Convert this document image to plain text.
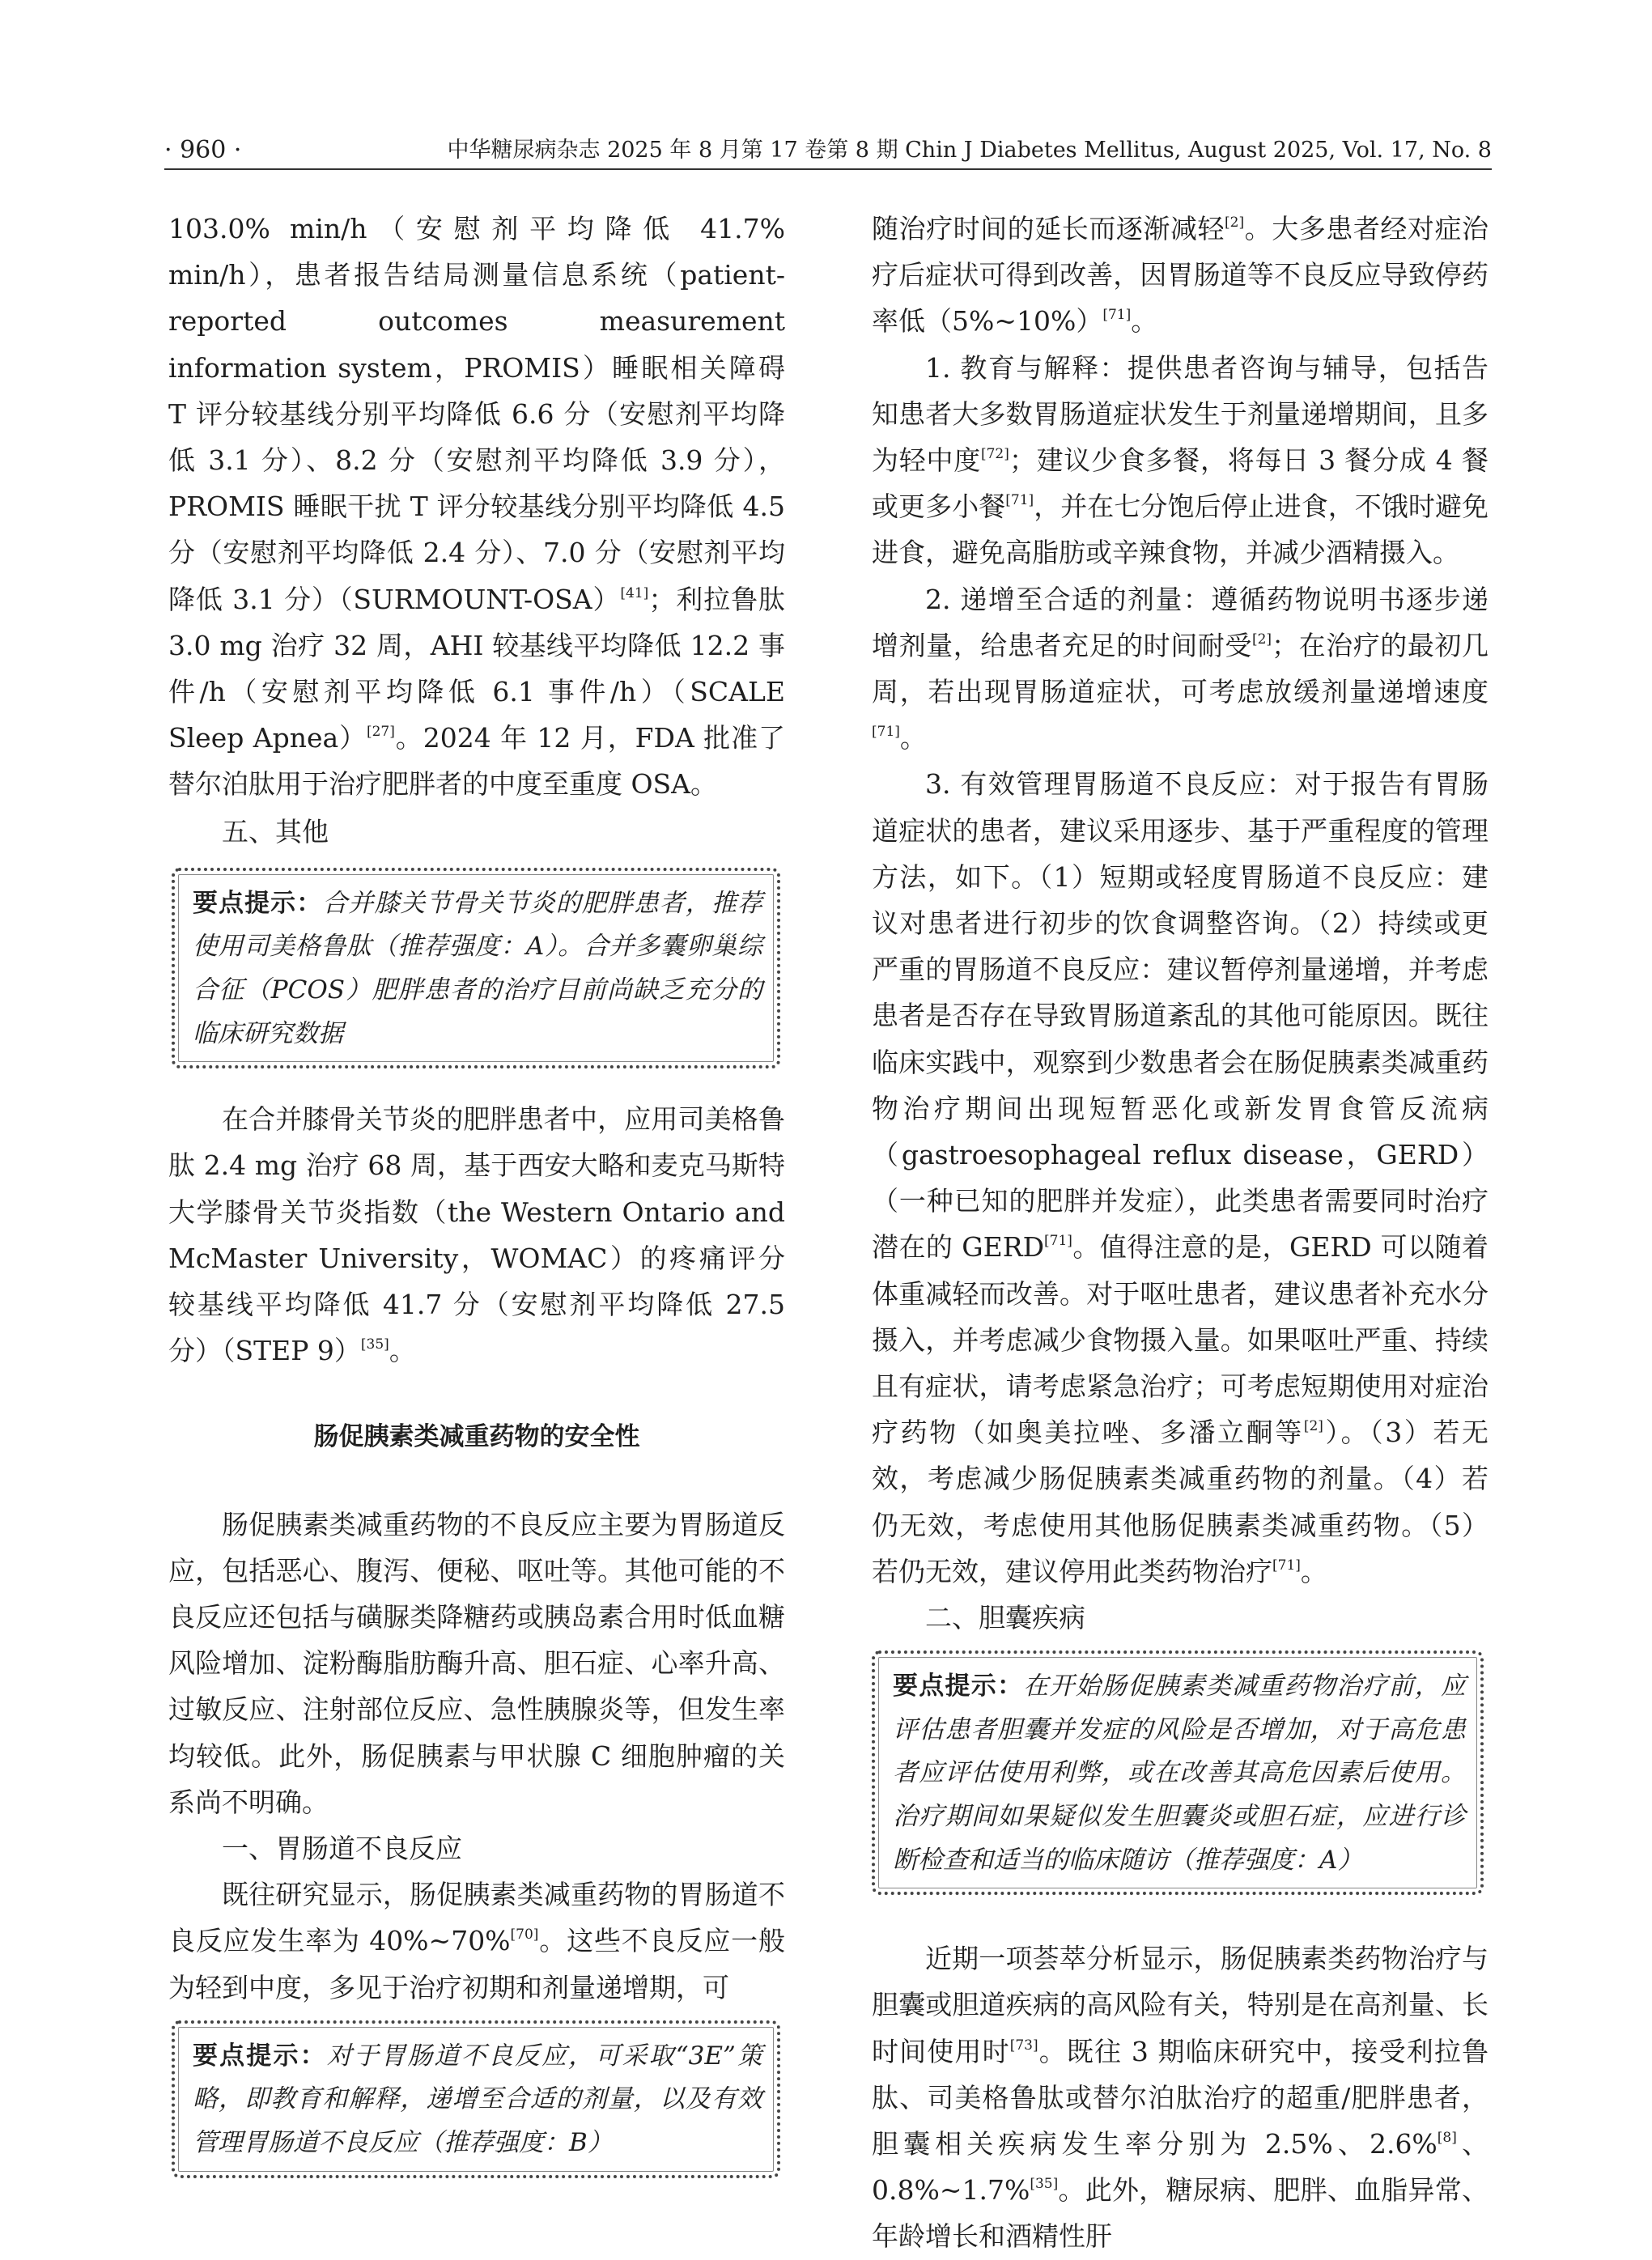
· 960 ·	中华糖尿病杂志 2025 年 8 月第 17 卷第 8 期 Chin J Diabetes Mellitus, August 2025, Vol. 17, No. 8

103.0% min/h（安慰剂平均降低 41.7% min/h），患者报告结局测量信息系统（patient-reported outcomes measurement information system，PROMIS）睡眠相关障碍 T 评分较基线分别平均降低 6.6 分（安慰剂平均降低 3.1 分）、8.2 分（安慰剂平均降低 3.9 分），PROMIS 睡眠干扰 T 评分较基线分别平均降低 4.5 分（安慰剂平均降低 2.4 分）、7.0 分（安慰剂平均降低 3.1 分）（SURMOUNT-OSA）[41]；利拉鲁肽 3.0 mg 治疗 32 周，AHI 较基线平均降低 12.2 事件/h（安慰剂平均降低 6.1 事件/h）（SCALE Sleep Apnea）[27]。2024 年 12 月，FDA 批准了替尔泊肽用于治疗肥胖者的中度至重度 OSA。

五、其他
要点提示：合并膝关节骨关节炎的肥胖患者，推荐使用司美格鲁肽（推荐强度：A）。合并多囊卵巢综合征（PCOS）肥胖患者的治疗目前尚缺乏充分的临床研究数据

在合并膝骨关节炎的肥胖患者中，应用司美格鲁肽 2.4 mg 治疗 68 周，基于西安大略和麦克马斯特大学膝骨关节炎指数（the Western Ontario and McMaster University，WOMAC）的疼痛评分较基线平均降低 41.7 分（安慰剂平均降低 27.5 分）（STEP 9）[35]。

肠促胰素类减重药物的安全性

肠促胰素类减重药物的不良反应主要为胃肠道反应，包括恶心、腹泻、便秘、呕吐等。其他可能的不良反应还包括与磺脲类降糖药或胰岛素合用时低血糖风险增加、淀粉酶脂肪酶升高、胆石症、心率升高、过敏反应、注射部位反应、急性胰腺炎等，但发生率均较低。此外，肠促胰素与甲状腺 C 细胞肿瘤的关系尚不明确。

一、胃肠道不良反应

既往研究显示，肠促胰素类减重药物的胃肠道不良反应发生率为 40%~70%[70]。这些不良反应一般为轻到中度，多见于治疗初期和剂量递增期，可

要点提示：对于胃肠道不良反应，可采取“3E”策略，即教育和解释，递增至合适的剂量，以及有效管理胃肠道不良反应（推荐强度：B）

随治疗时间的延长而逐渐减轻[2]。大多患者经对症治疗后症状可得到改善，因胃肠道等不良反应导致停药率低（5%~10%）[71]。

1. 教育与解释：提供患者咨询与辅导，包括告知患者大多数胃肠道症状发生于剂量递增期间，且多为轻中度[72]；建议少食多餐，将每日 3 餐分成 4 餐或更多小餐[71]，并在七分饱后停止进食，不饿时避免进食，避免高脂肪或辛辣食物，并减少酒精摄入。

2. 递增至合适的剂量：遵循药物说明书逐步递增剂量，给患者充足的时间耐受[2]；在治疗的最初几周，若出现胃肠道症状，可考虑放缓剂量递增速度[71]。

3. 有效管理胃肠道不良反应：对于报告有胃肠道症状的患者，建议采用逐步、基于严重程度的管理方法，如下。（1）短期或轻度胃肠道不良反应：建议对患者进行初步的饮食调整咨询。（2）持续或更严重的胃肠道不良反应：建议暂停剂量递增，并考虑患者是否存在导致胃肠道紊乱的其他可能原因。既往临床实践中，观察到少数患者会在肠促胰素类减重药物治疗期间出现短暂恶化或新发胃食管反流病（gastroesophageal reflux disease，GERD）（一种已知的肥胖并发症），此类患者需要同时治疗潜在的 GERD[71]。值得注意的是，GERD 可以随着体重减轻而改善。对于呕吐患者，建议患者补充水分摄入，并考虑减少食物摄入量。如果呕吐严重、持续且有症状，请考虑紧急治疗；可考虑短期使用对症治疗药物（如奥美拉唑、多潘立酮等[2]）。（3）若无效，考虑减少肠促胰素类减重药物的剂量。（4）若仍无效，考虑使用其他肠促胰素类减重药物。（5）若仍无效，建议停用此类药物治疗[71]。

二、胆囊疾病
要点提示：在开始肠促胰素类减重药物治疗前，应评估患者胆囊并发症的风险是否增加，对于高危患者应评估使用利弊，或在改善其高危因素后使用。治疗期间如果疑似发生胆囊炎或胆石症，应进行诊断检查和适当的临床随访（推荐强度：A）

近期一项荟萃分析显示，肠促胰素类药物治疗与胆囊或胆道疾病的高风险有关，特别是在高剂量、长时间使用时[73]。既往 3 期临床研究中，接受利拉鲁肽、司美格鲁肽或替尔泊肽治疗的超重/肥胖患者，胆囊相关疾病发生率分别为 2.5%、2.6%[8]、0.8%~1.7%[35]。此外，糖尿病、肥胖、血脂异常、年龄增长和酒精性肝
